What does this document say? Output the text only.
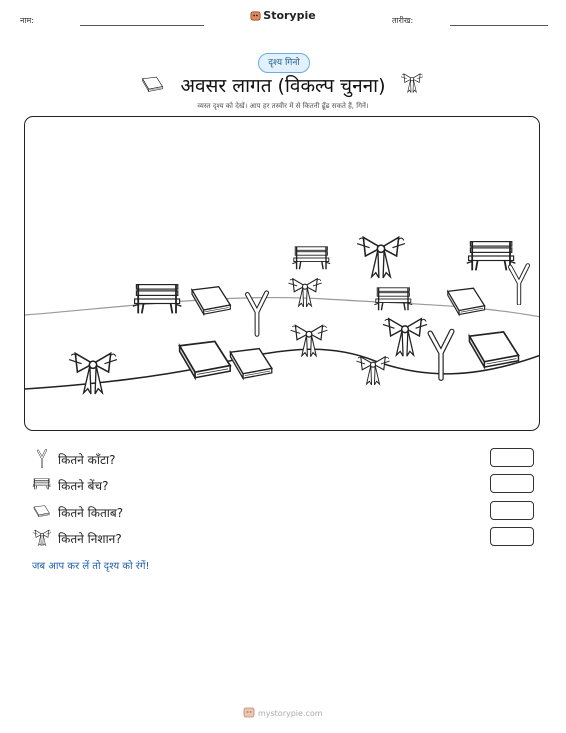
नाम:	Storypie	तारीख:
दृश्य गिनो
अवसर लागत (विकल्प चुनना)
व्यस्त दृश्य को देखें। आप हर तस्वीर में से कितनी ढूँढ सकते हैं, गिनें।
कितने काँटा?
कितने बेंच?
कितने किताब?
कितने निशान?
जब आप कर लें तो दृश्य को रंगें!
mystorypie.com
